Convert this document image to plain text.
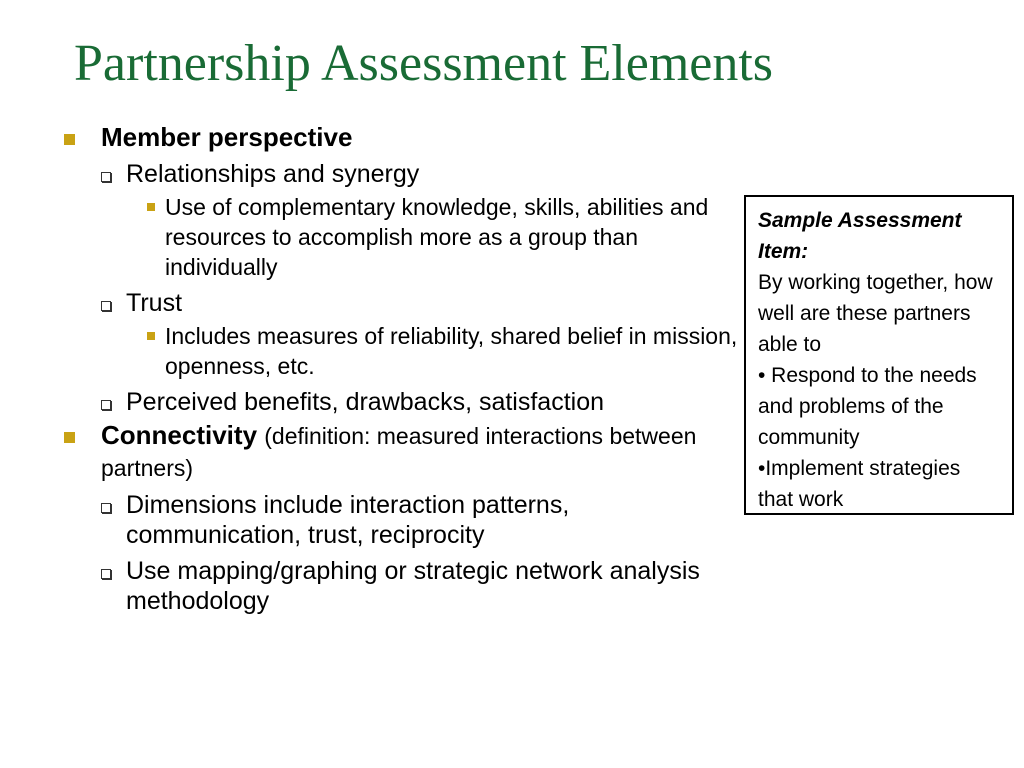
Partnership Assessment Elements
Member perspective
Relationships and synergy
Use of complementary knowledge, skills, abilities and resources to accomplish more as a group than individually
Trust
Includes measures of reliability, shared belief in mission, openness, etc.
Perceived benefits, drawbacks, satisfaction
Connectivity (definition: measured interactions between partners)
Dimensions include interaction patterns, communication, trust, reciprocity
Use mapping/graphing or strategic network analysis methodology
Sample Assessment Item:
By working together, how well are these partners able to
• Respond to the needs and problems of the community
•Implement strategies that work
